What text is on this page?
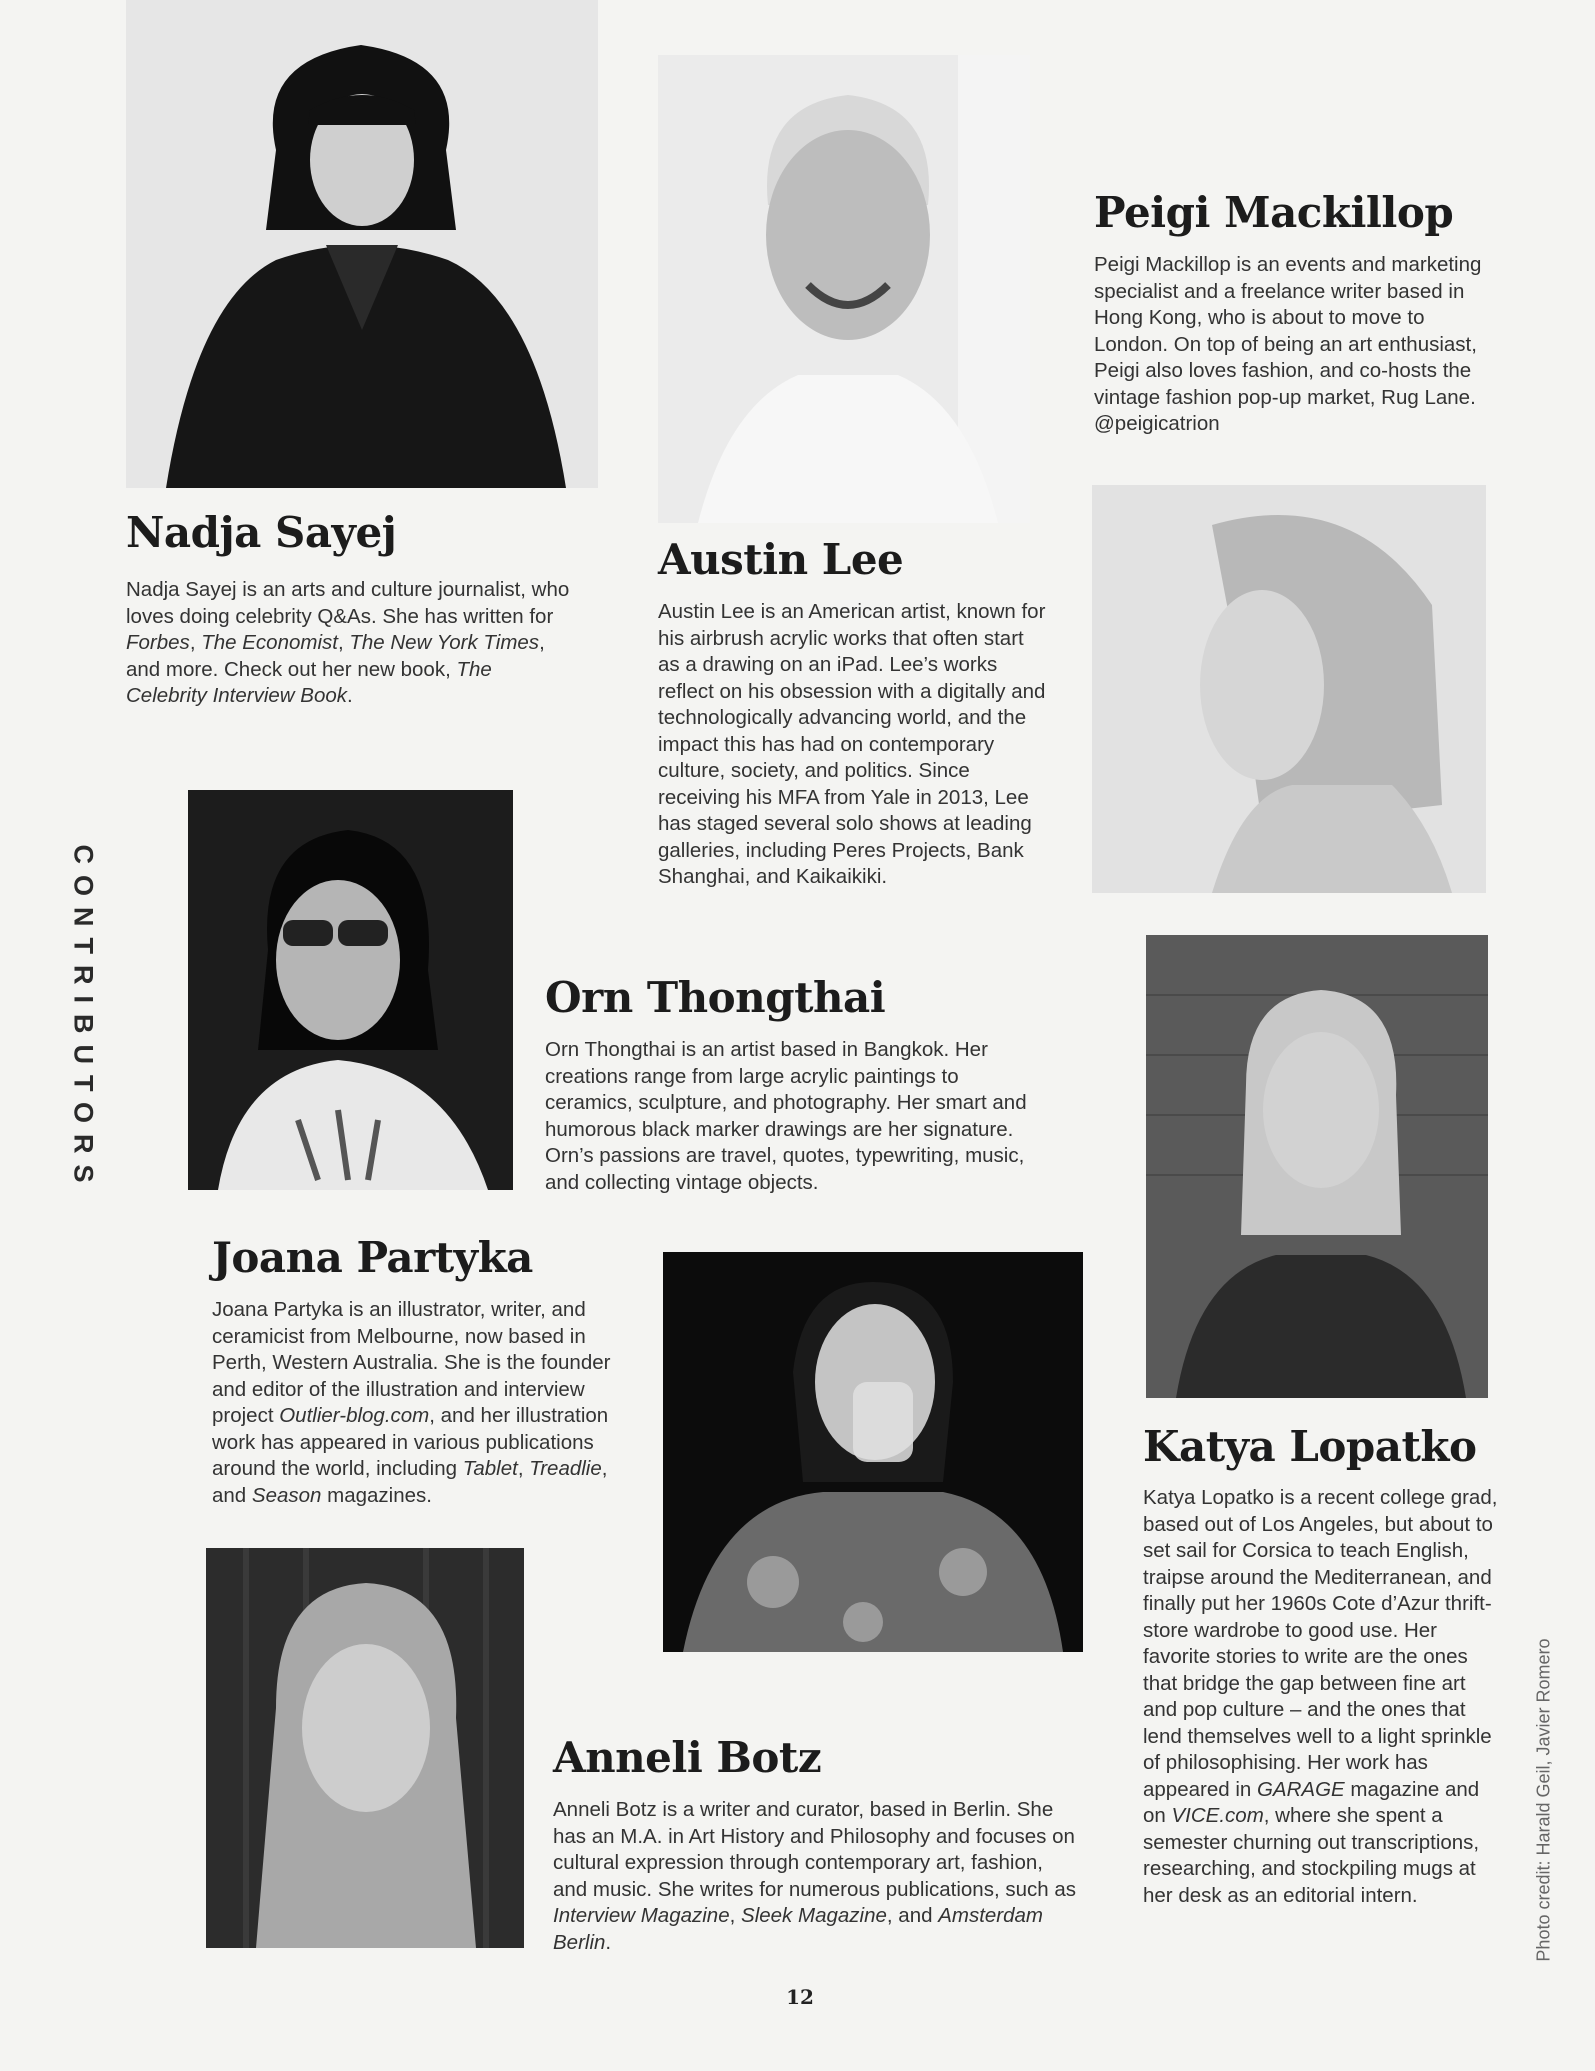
CONTRIBUTORS
Nadja Sayej

Nadja Sayej is an arts and culture journalist, who loves doing celebrity Q&As. She has written for Forbes, The Economist, The New York Times, and more. Check out her new book, The Celebrity Interview Book.

Austin Lee

Austin Lee is an American artist, known for his airbrush acrylic works that often start as a drawing on an iPad. Lee’s works reflect on his obsession with a digitally and technologically advancing world, and the impact this has had on contemporary culture, society, and politics. Since receiving his MFA from Yale in 2013, Lee has staged several solo shows at leading galleries, including Peres Projects, Bank Shanghai, and Kaikaikiki.

Peigi Mackillop

Peigi Mackillop is an events and marketing specialist and a freelance writer based in Hong Kong, who is about to move to London. On top of being an art enthusiast, Peigi also loves fashion, and co-hosts the vintage fashion pop-up market, Rug Lane. @peigicatrion

Orn Thongthai

Orn Thongthai is an artist based in Bangkok. Her creations range from large acrylic paintings to ceramics, sculpture, and photography. Her smart and humorous black marker drawings are her signature. Orn’s passions are travel, quotes, typewriting, music, and collecting vintage objects.

Joana Partyka

Joana Partyka is an illustrator, writer, and ceramicist from Melbourne, now based in Perth, Western Australia. She is the founder and editor of the illustration and interview project Outlier-blog.com, and her illustration work has appeared in various publications around the world, including Tablet, Treadlie, and Season magazines.

Katya Lopatko

Katya Lopatko is a recent college grad, based out of Los Angeles, but about to set sail for Corsica to teach English, traipse around the Mediterranean, and finally put her 1960s Cote d’Azur thrift-store wardrobe to good use. Her favorite stories to write are the ones that bridge the gap between fine art and pop culture – and the ones that lend themselves well to a light sprinkle of philosophising. Her work has appeared in GARAGE magazine and on VICE.com, where she spent a semester churning out transcriptions, researching, and stockpiling mugs at her desk as an editorial intern.

Anneli Botz

Anneli Botz is a writer and curator, based in Berlin. She has an M.A. in Art History and Philosophy and focuses on cultural expression through contemporary art, fashion, and music. She writes for numerous publications, such as Interview Magazine, Sleek Magazine, and Amsterdam Berlin.	Photo credit: Harald Geil, Javier Romero
12
